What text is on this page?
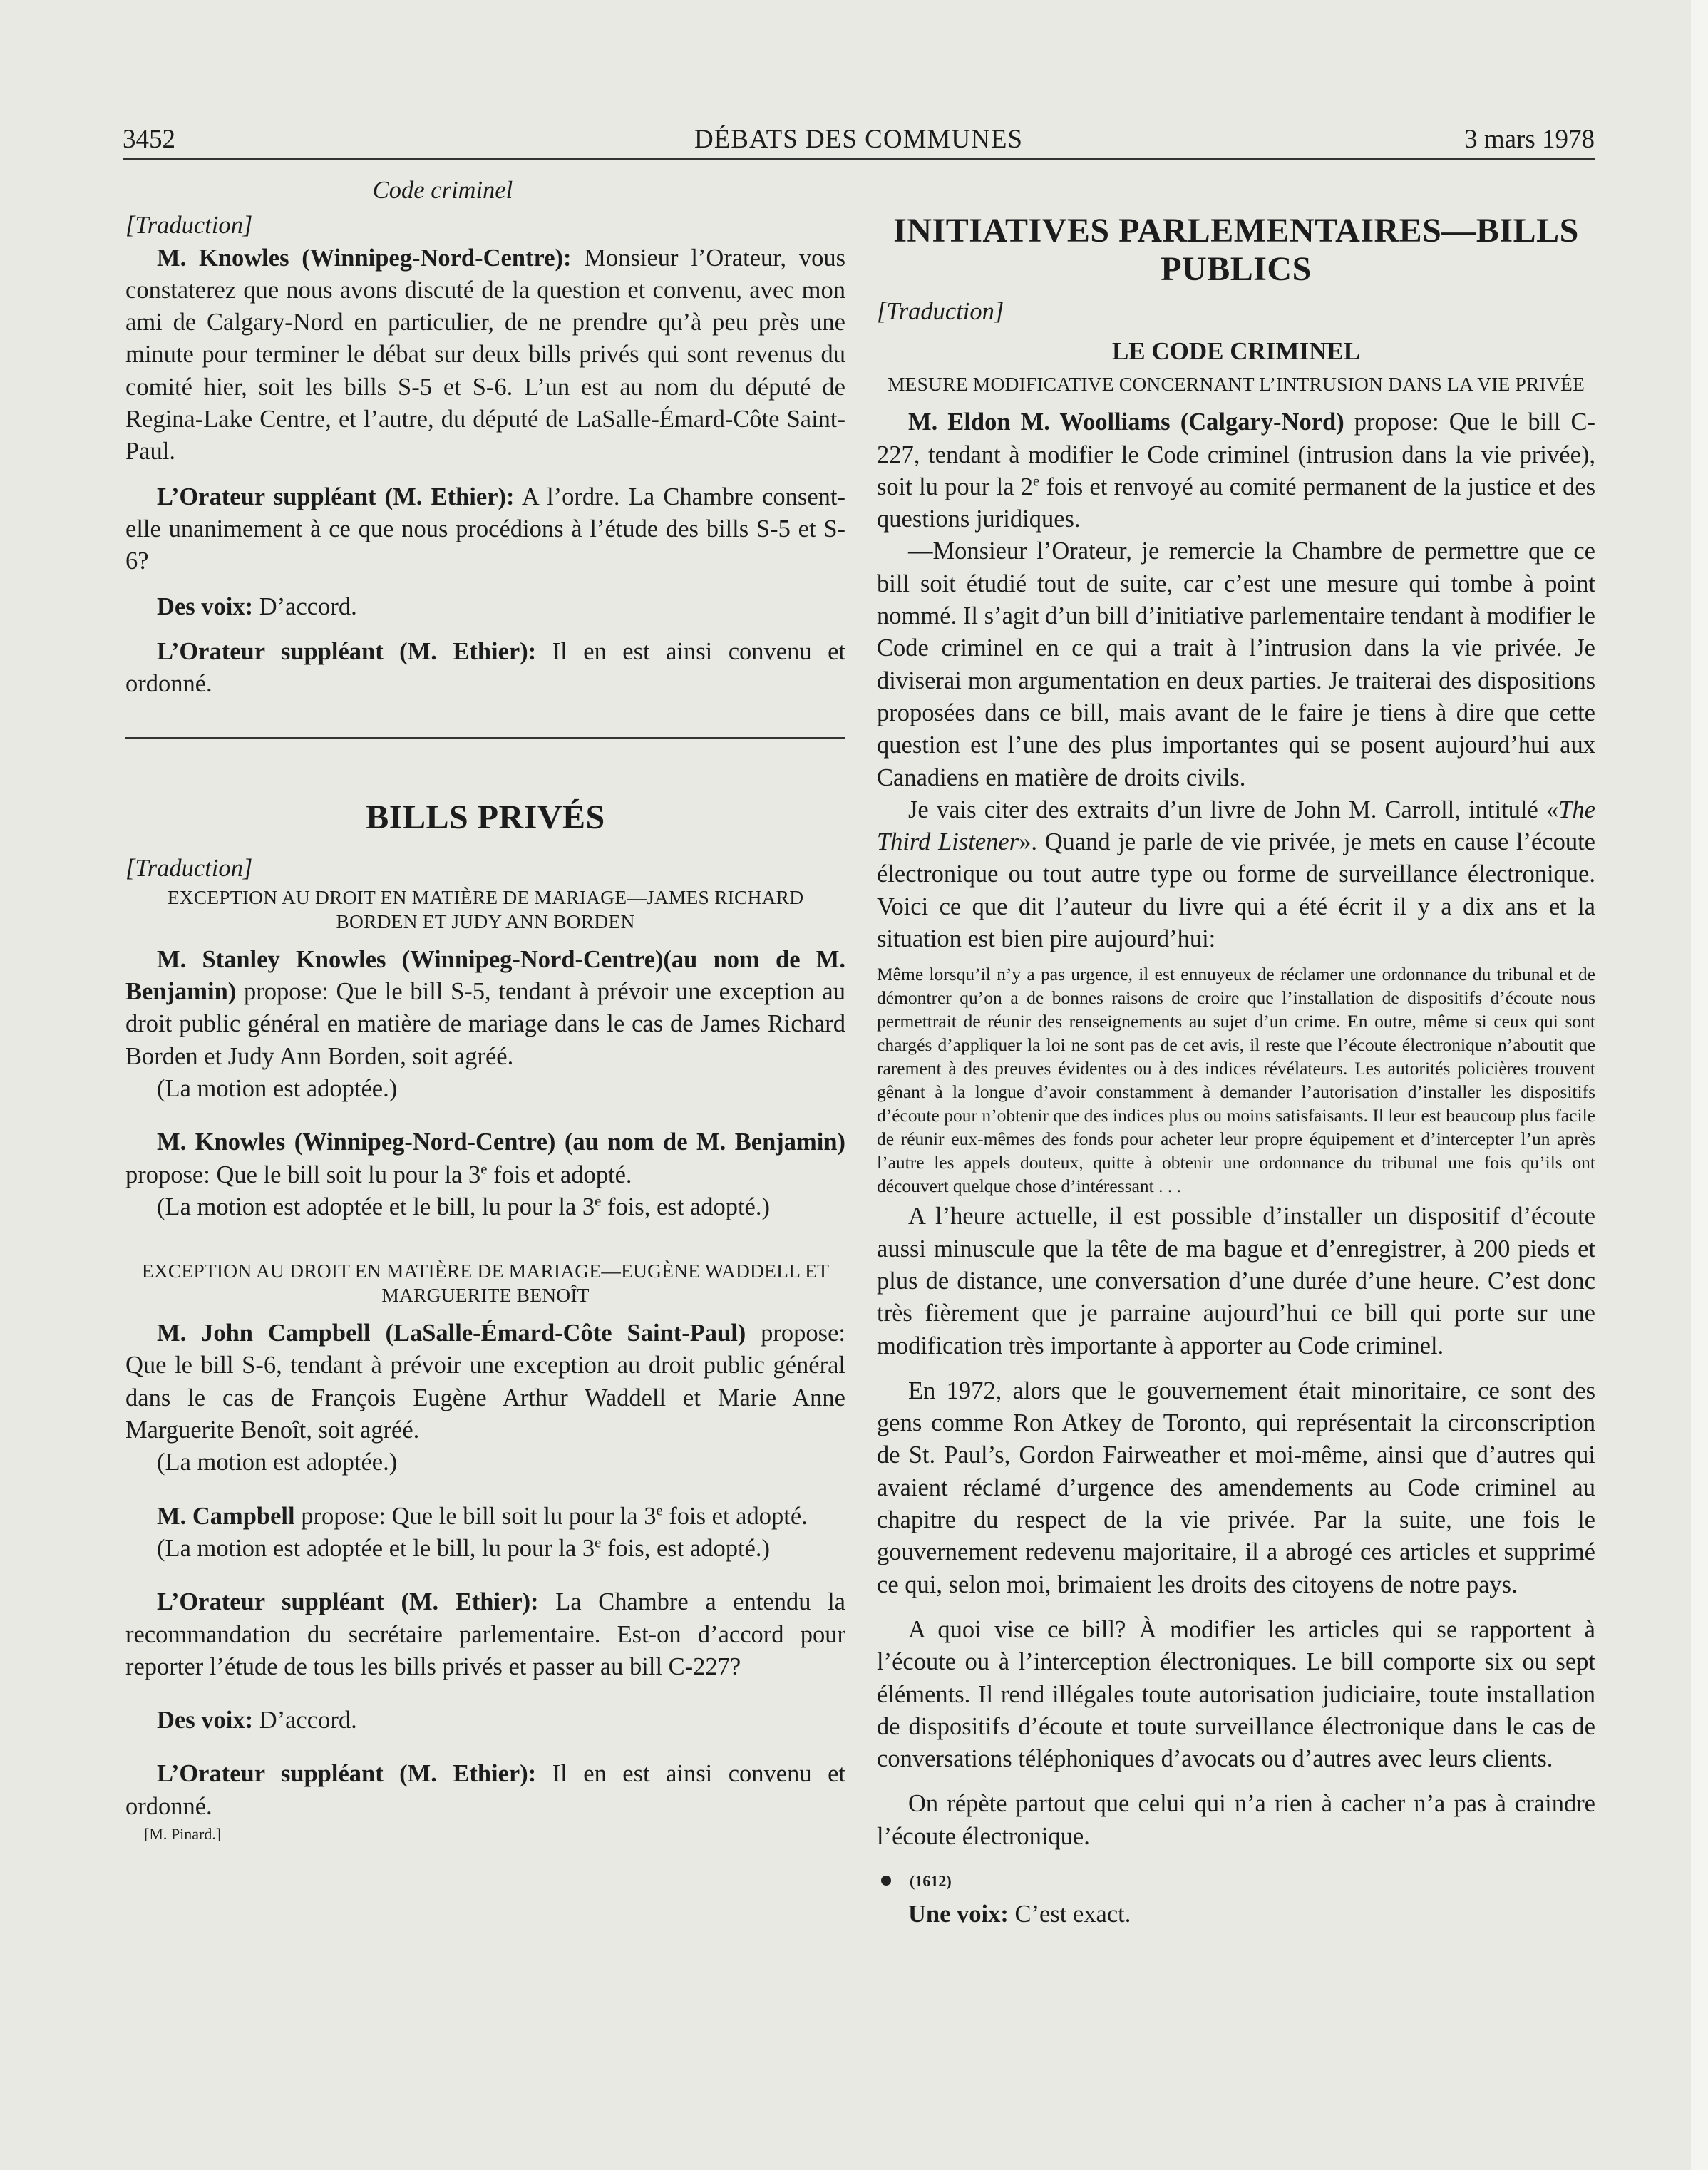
3452	DÉBATS DES COMMUNES	3 mars 1978

Code criminel

[Traduction]

M. Knowles (Winnipeg-Nord-Centre): Monsieur l’Orateur, vous constaterez que nous avons discuté de la question et convenu, avec mon ami de Calgary-Nord en particulier, de ne prendre qu’à peu près une minute pour terminer le débat sur deux bills privés qui sont revenus du comité hier, soit les bills S-5 et S-6. L’un est au nom du député de Regina-Lake Centre, et l’autre, du député de LaSalle-Émard-Côte Saint-Paul.

L’Orateur suppléant (M. Ethier): A l’ordre. La Chambre consent-elle unanimement à ce que nous procédions à l’étude des bills S-5 et S-6?

Des voix: D’accord.

L’Orateur suppléant (M. Ethier): Il en est ainsi convenu et ordonné.

BILLS PRIVÉS

[Traduction]

EXCEPTION AU DROIT EN MATIÈRE DE MARIAGE—JAMES RICHARD BORDEN ET JUDY ANN BORDEN

M. Stanley Knowles (Winnipeg-Nord-Centre)(au nom de M. Benjamin) propose: Que le bill S-5, tendant à prévoir une exception au droit public général en matière de mariage dans le cas de James Richard Borden et Judy Ann Borden, soit agréé.

(La motion est adoptée.)

M. Knowles (Winnipeg-Nord-Centre) (au nom de M. Benjamin) propose: Que le bill soit lu pour la 3e fois et adopté.

(La motion est adoptée et le bill, lu pour la 3e fois, est adopté.)

EXCEPTION AU DROIT EN MATIÈRE DE MARIAGE—EUGÈNE WADDELL ET MARGUERITE BENOÎT

M. John Campbell (LaSalle-Émard-Côte Saint-Paul) propose: Que le bill S-6, tendant à prévoir une exception au droit public général dans le cas de François Eugène Arthur Waddell et Marie Anne Marguerite Benoît, soit agréé.

(La motion est adoptée.)

M. Campbell propose: Que le bill soit lu pour la 3e fois et adopté.

(La motion est adoptée et le bill, lu pour la 3e fois, est adopté.)

L’Orateur suppléant (M. Ethier): La Chambre a entendu la recommandation du secrétaire parlementaire. Est-on d’accord pour reporter l’étude de tous les bills privés et passer au bill C-227?

Des voix: D’accord.

L’Orateur suppléant (M. Ethier): Il en est ainsi convenu et ordonné.

[M. Pinard.]

INITIATIVES PARLEMENTAIRES—BILLS PUBLICS

[Traduction]

LE CODE CRIMINEL

MESURE MODIFICATIVE CONCERNANT L’INTRUSION DANS LA VIE PRIVÉE

M. Eldon M. Woolliams (Calgary-Nord) propose: Que le bill C-227, tendant à modifier le Code criminel (intrusion dans la vie privée), soit lu pour la 2e fois et renvoyé au comité permanent de la justice et des questions juridiques.

—Monsieur l’Orateur, je remercie la Chambre de permettre que ce bill soit étudié tout de suite, car c’est une mesure qui tombe à point nommé. Il s’agit d’un bill d’initiative parlementaire tendant à modifier le Code criminel en ce qui a trait à l’intrusion dans la vie privée. Je diviserai mon argumentation en deux parties. Je traiterai des dispositions proposées dans ce bill, mais avant de le faire je tiens à dire que cette question est l’une des plus importantes qui se posent aujourd’hui aux Canadiens en matière de droits civils.

Je vais citer des extraits d’un livre de John M. Carroll, intitulé «The Third Listener». Quand je parle de vie privée, je mets en cause l’écoute électronique ou tout autre type ou forme de surveillance électronique. Voici ce que dit l’auteur du livre qui a été écrit il y a dix ans et la situation est bien pire aujourd’hui:

Même lorsqu’il n’y a pas urgence, il est ennuyeux de réclamer une ordonnance du tribunal et de démontrer qu’on a de bonnes raisons de croire que l’installation de dispositifs d’écoute nous permettrait de réunir des renseignements au sujet d’un crime. En outre, même si ceux qui sont chargés d’appliquer la loi ne sont pas de cet avis, il reste que l’écoute électronique n’aboutit que rarement à des preuves évidentes ou à des indices révélateurs. Les autorités policières trouvent gênant à la longue d’avoir constamment à demander l’autorisation d’installer les dispositifs d’écoute pour n’obtenir que des indices plus ou moins satisfaisants. Il leur est beaucoup plus facile de réunir eux-mêmes des fonds pour acheter leur propre équipement et d’intercepter l’un après l’autre les appels douteux, quitte à obtenir une ordonnance du tribunal une fois qu’ils ont découvert quelque chose d’intéressant . . .

A l’heure actuelle, il est possible d’installer un dispositif d’écoute aussi minuscule que la tête de ma bague et d’enregistrer, à 200 pieds et plus de distance, une conversation d’une durée d’une heure. C’est donc très fièrement que je parraine aujourd’hui ce bill qui porte sur une modification très importante à apporter au Code criminel.

En 1972, alors que le gouvernement était minoritaire, ce sont des gens comme Ron Atkey de Toronto, qui représentait la circonscription de St. Paul’s, Gordon Fairweather et moi-même, ainsi que d’autres qui avaient réclamé d’urgence des amendements au Code criminel au chapitre du respect de la vie privée. Par la suite, une fois le gouvernement redevenu majoritaire, il a abrogé ces articles et supprimé ce qui, selon moi, brimaient les droits des citoyens de notre pays.

A quoi vise ce bill? À modifier les articles qui se rapportent à l’écoute ou à l’interception électroniques. Le bill comporte six ou sept éléments. Il rend illégales toute autorisation judiciaire, toute installation de dispositifs d’écoute et toute surveillance électronique dans le cas de conversations téléphoniques d’avocats ou d’autres avec leurs clients.

On répète partout que celui qui n’a rien à cacher n’a pas à craindre l’écoute électronique.

(1612)

Une voix: C’est exact.
